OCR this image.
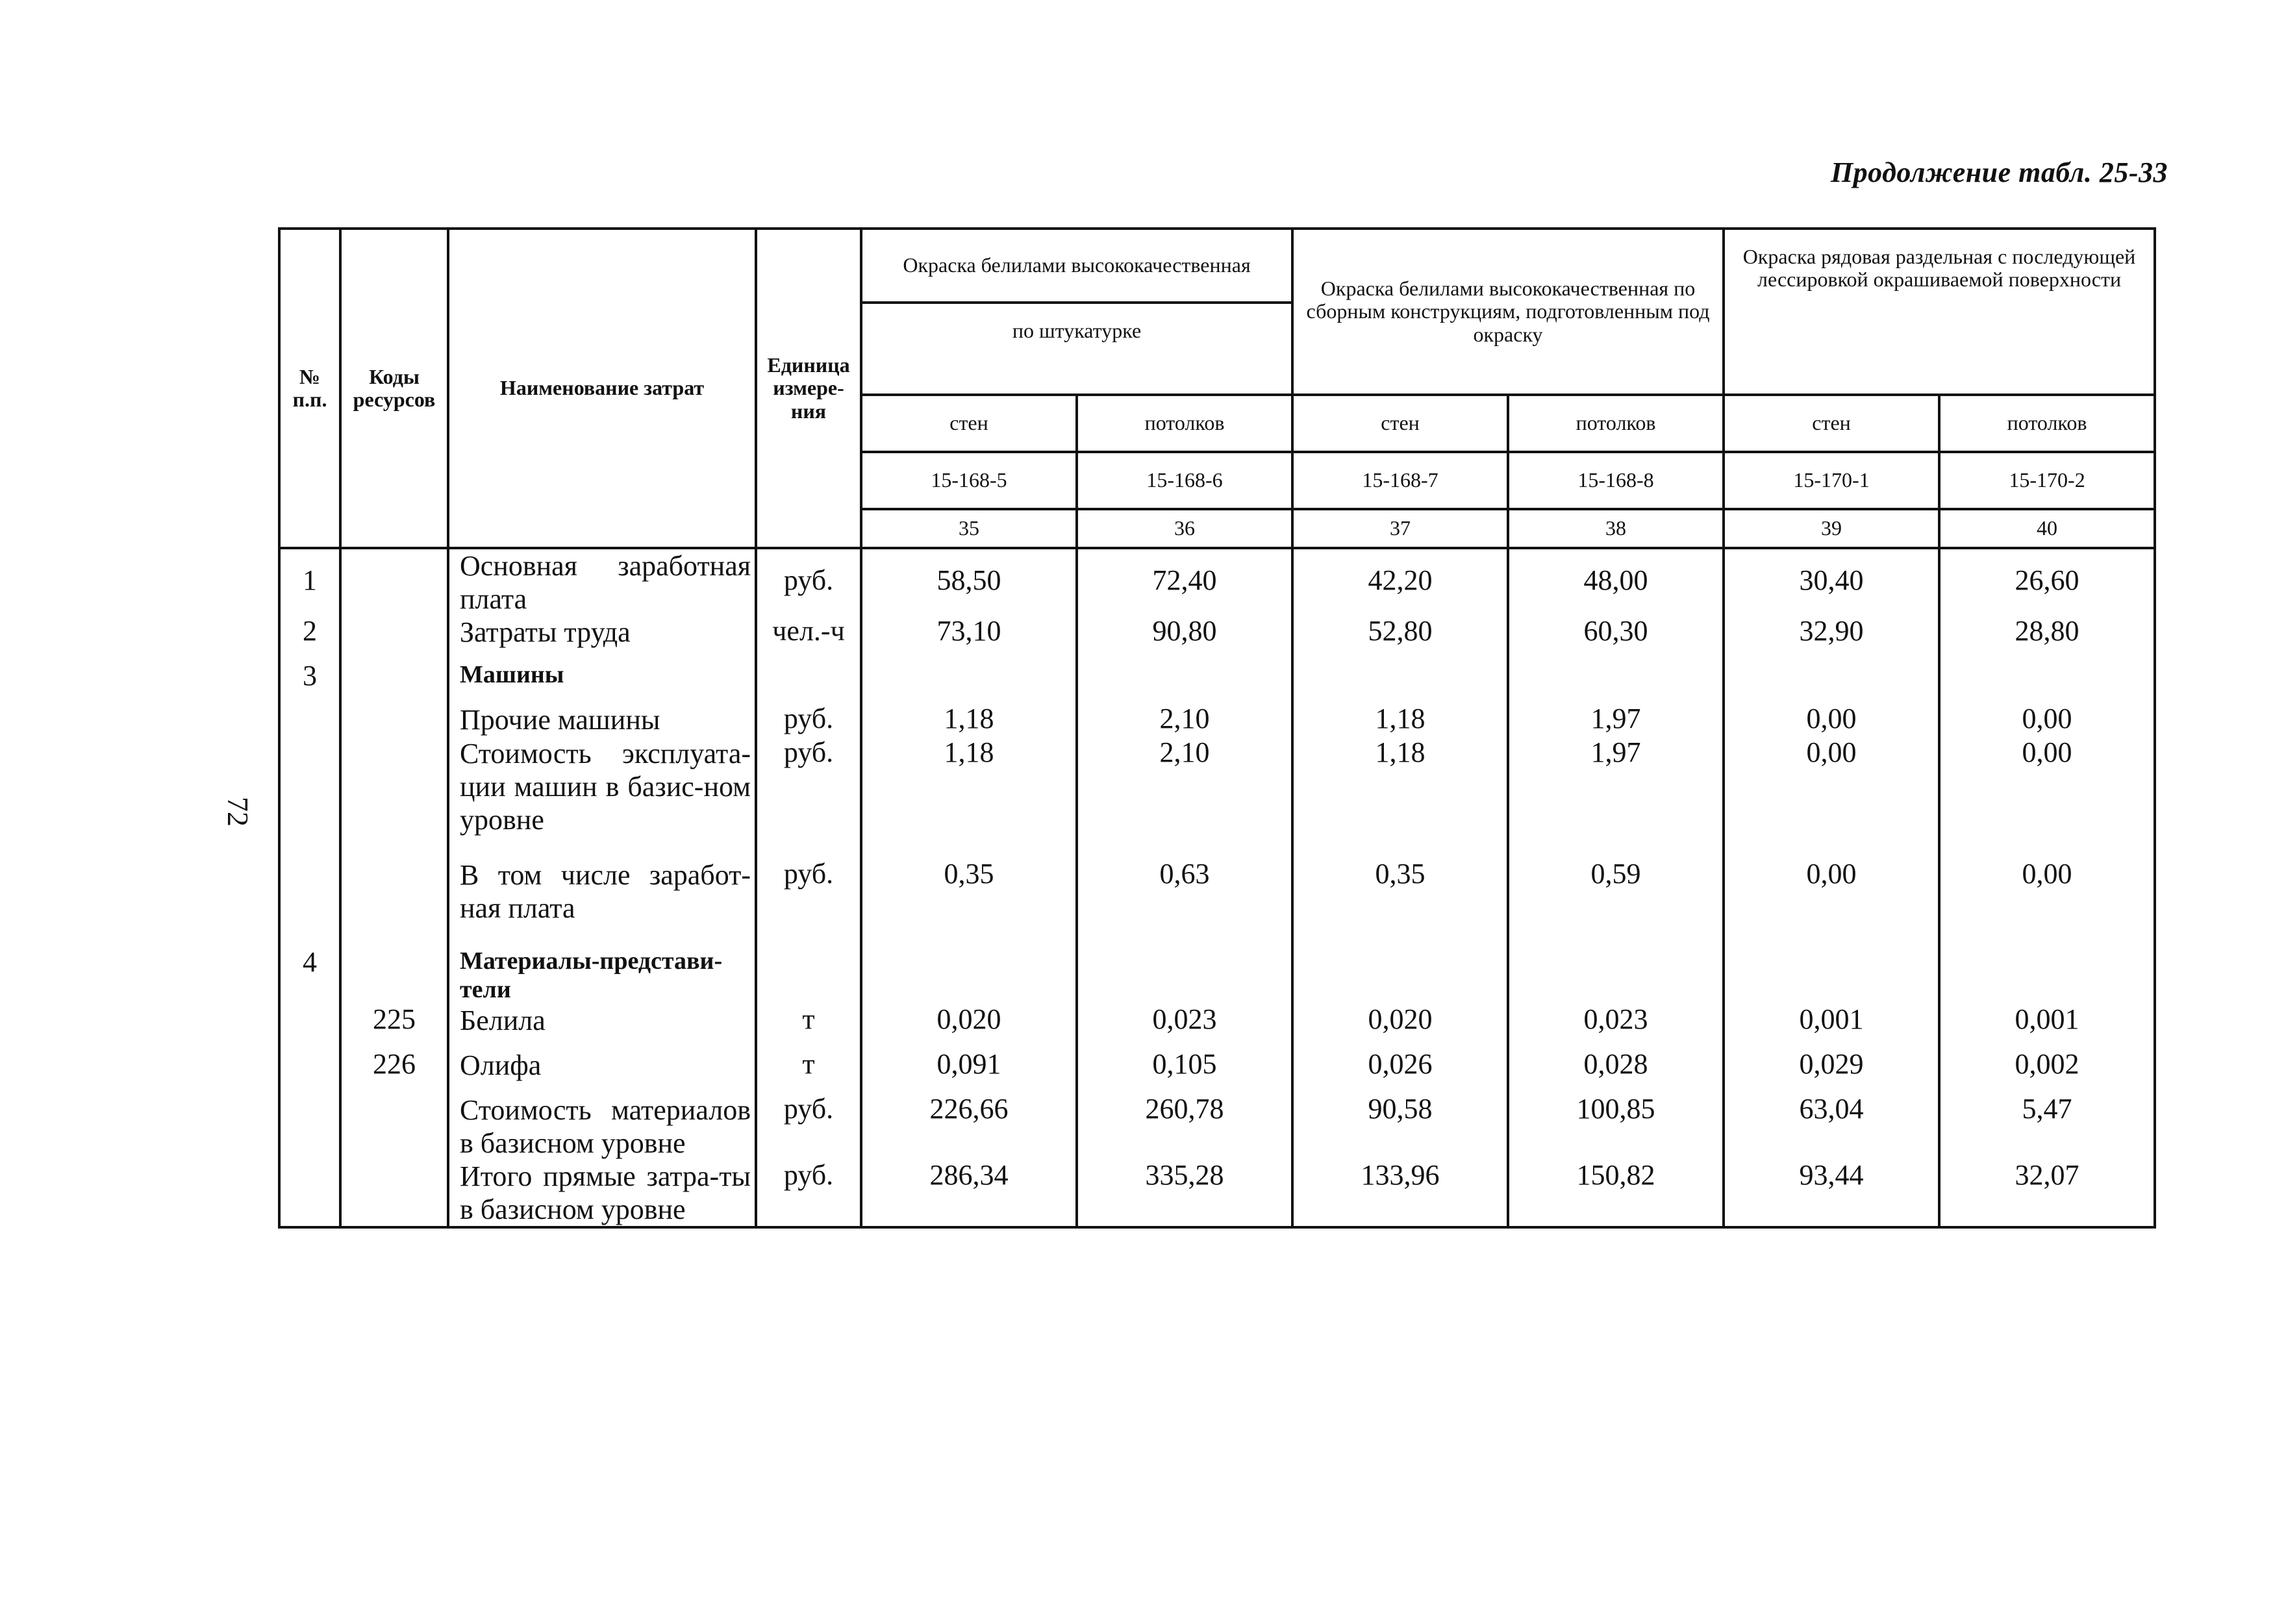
Продолжение табл. 25-33
72
№ п.п.	Коды ресурсов	Наименование затрат	Единица измере-ния	Окраска белилами высококачественная		Окраска белилами высококачественная по сборным конструкциям, подготовленным под окраску		Окраска рядовая раздельная с последующей лессировкой окрашиваемой поверхности	
				по штукатурке					
				стен	потолков	стен	потолков	стен	потолков
				15-168-5	15-168-6	15-168-7	15-168-8	15-170-1	15-170-2
				35	36	37	38	39	40
1		Основная заработная плата	руб.	58,50	72,40	42,20	48,00	30,40	26,60
2		Затраты труда	чел.-ч	73,10	90,80	52,80	60,30	32,90	28,80
3		Машины							
		Прочие машины	руб.	1,18	2,10	1,18	1,97	0,00	0,00
		Стоимость эксплуата-ции машин в базис-ном уровне	руб.	1,18	2,10	1,18	1,97	0,00	0,00
		В том числе заработ-ная плата	руб.	0,35	0,63	0,35	0,59	0,00	0,00
4		Материалы-представи-тели							
	225	Белила	т	0,020	0,023	0,020	0,023	0,001	0,001
	226	Олифа	т	0,091	0,105	0,026	0,028	0,029	0,002
		Стоимость материалов в базисном уровне	руб.	226,66	260,78	90,58	100,85	63,04	5,47
		Итого прямые затра-ты в базисном уровне	руб.	286,34	335,28	133,96	150,82	93,44	32,07
